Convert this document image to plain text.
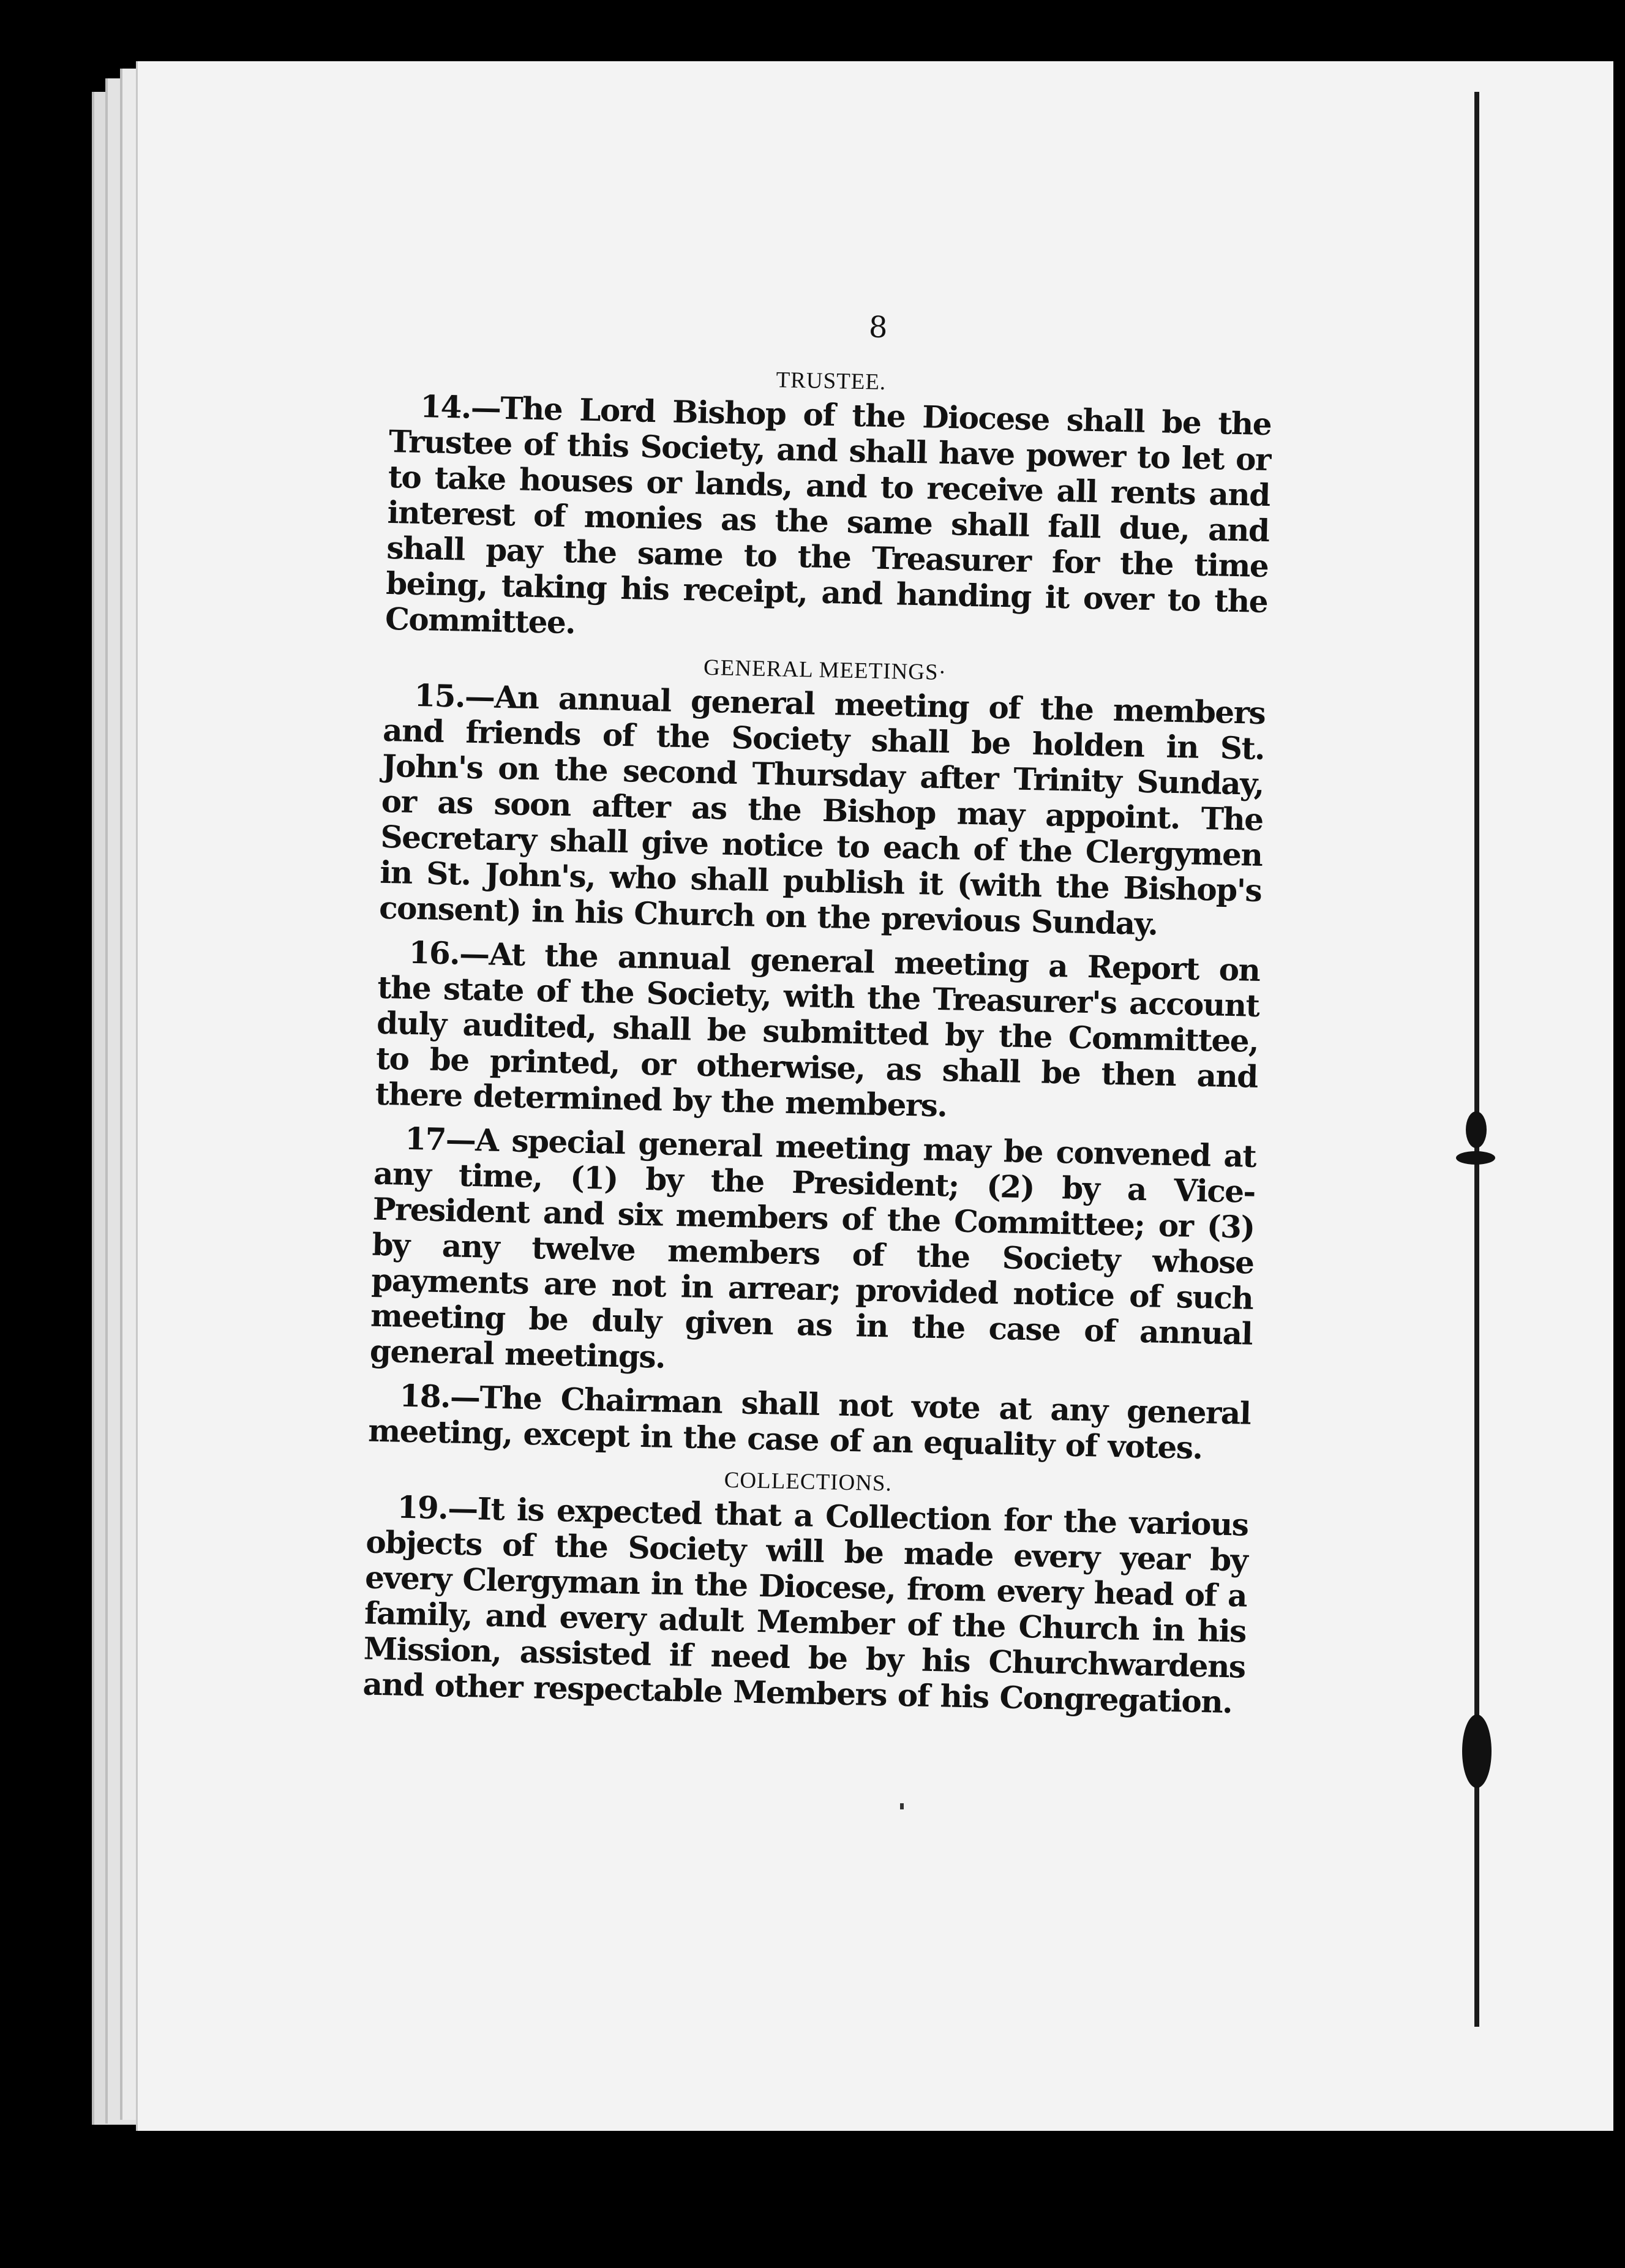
8
TRUSTEE.

14.—The Lord Bishop of the Diocese shall be the Trustee of this Society, and shall have power to let or to take houses or lands, and to receive all rents and interest of monies as the same shall fall due, and shall pay the same to the Treasurer for the time being, taking his receipt, and handing it over to the Committee.

GENERAL MEETINGS·

15.—An annual general meeting of the members and friends of the Society shall be holden in St. John's on the second Thursday after Trinity Sunday, or as soon after as the Bishop may appoint. The Secretary shall give notice to each of the Clergymen in St. John's, who shall publish it (with the Bishop's consent) in his Church on the previous Sunday.

16.—At the annual general meeting a Report on the state of the Society, with the Treasurer's account duly audited, shall be submitted by the Committee, to be printed, or otherwise, as shall be then and there determined by the members.

17—A special general meeting may be convened at any time, (1) by the President; (2) by a Vice-President and six members of the Committee; or (3) by any twelve members of the Society whose payments are not in arrear; provided notice of such meeting be duly given as in the case of annual general meetings.

18.—The Chairman shall not vote at any general meeting, except in the case of an equality of votes.

COLLECTIONS.

19.—It is expected that a Collection for the various objects of the Society will be made every year by every Clergyman in the Diocese, from every head of a family, and every adult Member of the Church in his Mission, assisted if need be by his Churchwardens and other respectable Members of his Congregation.
